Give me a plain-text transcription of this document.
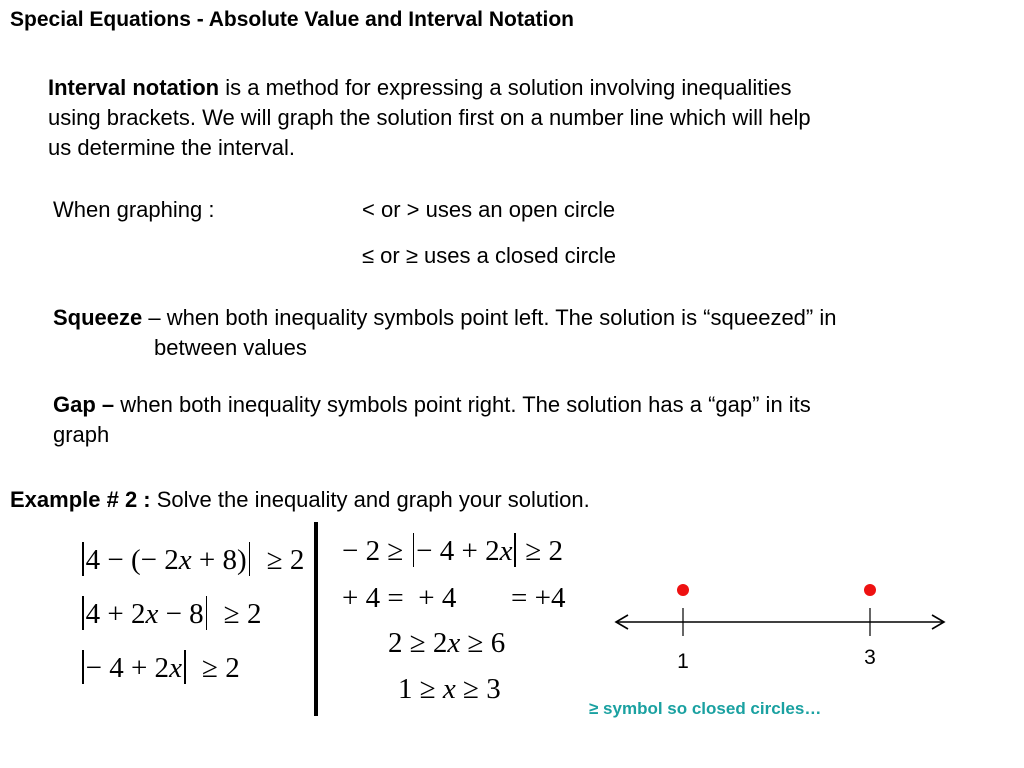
Special Equations - Absolute Value and Interval Notation
Interval notation is a method for expressing a solution involving inequalities
using brackets. We will graph the solution first on a number line which will help
us determine the interval.
When graphing :	< or > uses an open circle
≤ or ≥ uses a closed circle
Squeeze – when both inequality symbols point left. The solution is “squeezed” in
between values
Gap – when both inequality symbols point right. The solution has a “gap” in its
graph
Example # 2 : Solve the inequality and graph your solution.
4 − (− 2x + 8)  ≥ 2
4 + 2x − 8  ≥ 2
− 4 + 2x  ≥ 2
− 2 ≥ − 4 + 2x ≥ 2
+ 4 =  + 4 = +4
2 ≥ 2x ≥ 6
1 ≥ x ≥ 3
1	3
≥ symbol so closed circles…
